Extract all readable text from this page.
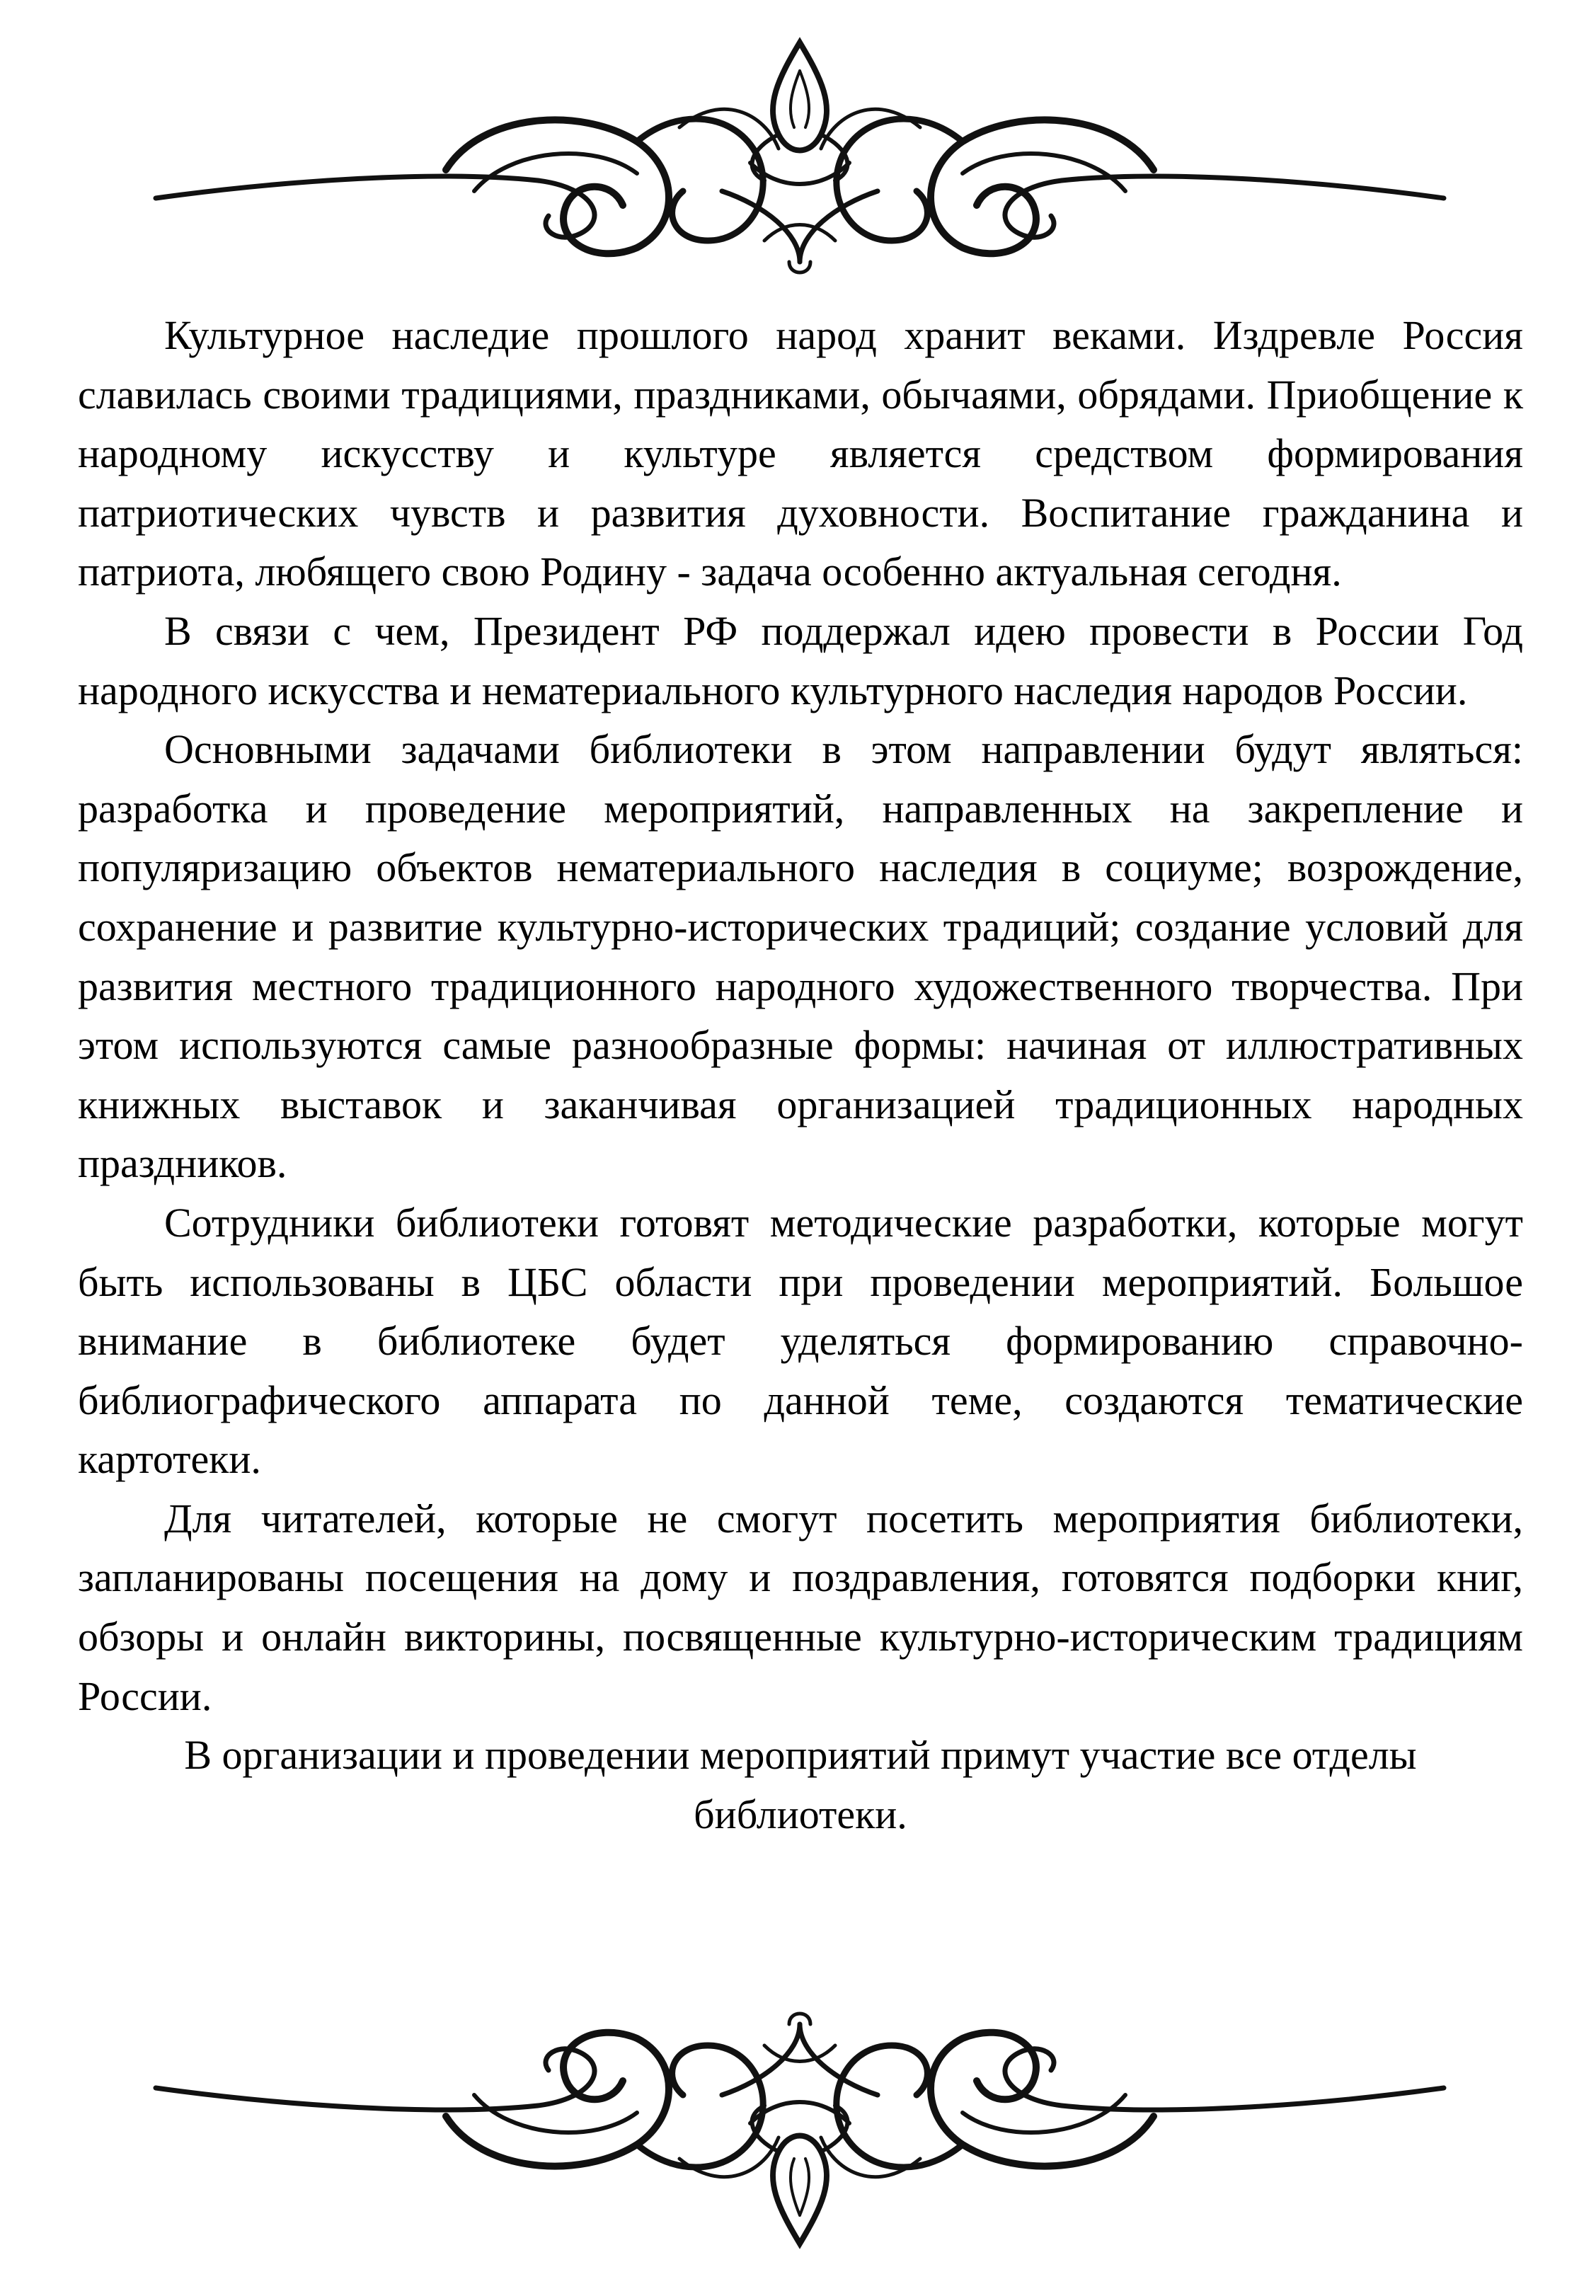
Культурное наследие прошлого народ хранит веками. Издревле Россия славилась своими традициями, праздниками, обычаями, обрядами. Приобщение к народному искусству и культуре является средством формирования патриотических чувств и развития духовности. Воспитание гражданина и патриота, любящего свою Родину - задача особенно актуальная сегодня.

В связи с чем, Президент РФ поддержал идею провести в России Год народного искусства и нематериального культурного наследия народов России.

Основными задачами библиотеки в этом направлении будут являться: разработка и проведение мероприятий, направленных на закрепление и популяризацию объектов нематериального наследия в социуме; возрождение, сохранение и развитие культурно-исторических традиций; создание условий для развития местного традиционного народного художественного творчества. При этом используются самые разнообразные формы: начиная от иллюстративных книжных выставок и заканчивая организацией традиционных народных праздников.

Сотрудники библиотеки готовят методические разработки, которые могут быть использованы в ЦБС области при проведении мероприятий. Большое внимание в библиотеке будет уделяться формированию справочно-библиографического аппарата по данной теме, создаются тематические картотеки.

Для читателей, которые не смогут посетить мероприятия библиотеки, запланированы посещения на дому и поздравления, готовятся подборки книг, обзоры и онлайн викторины, посвященные культурно-историческим традициям России.

В организации и проведении мероприятий примут участие все отделы библиотеки.
